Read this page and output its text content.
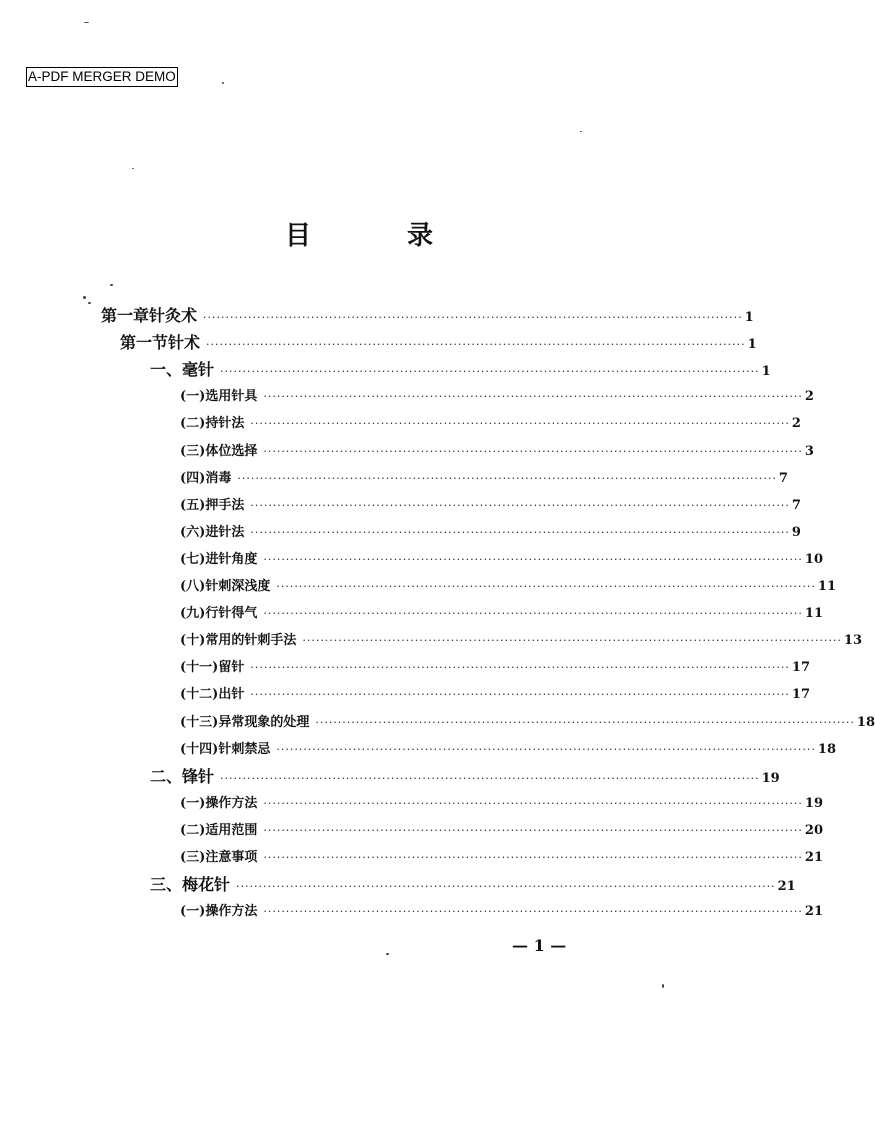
A-PDF MERGER DEMO
目	录
第一章 针灸术 ························································································································ 1
第一节 针术 ························································································································ 1
一、 毫针 ························································································································ 1
(一) 选用针具 ························································································································ 2
(二) 持针法 ························································································································ 2
(三) 体位选择 ························································································································ 3
(四) 消毒 ························································································································ 7
(五) 押手法 ························································································································ 7
(六) 进针法 ························································································································ 9
(七) 进针角度 ························································································································ 10
(八) 针刺深浅度 ························································································································ 11
(九) 行针得气 ························································································································ 11
(十) 常用的针刺手法 ························································································································ 13
(十一) 留针 ························································································································ 17
(十二) 出针 ························································································································ 17
(十三) 异常现象的处理 ························································································································ 18
(十四) 针刺禁忌 ························································································································ 18
二、 锋针 ························································································································ 19
(一) 操作方法 ························································································································ 19
(二) 适用范围 ························································································································ 20
(三) 注意事项 ························································································································ 21
三、 梅花针 ························································································································ 21
(一) 操作方法 ························································································································ 21
— 1 —
